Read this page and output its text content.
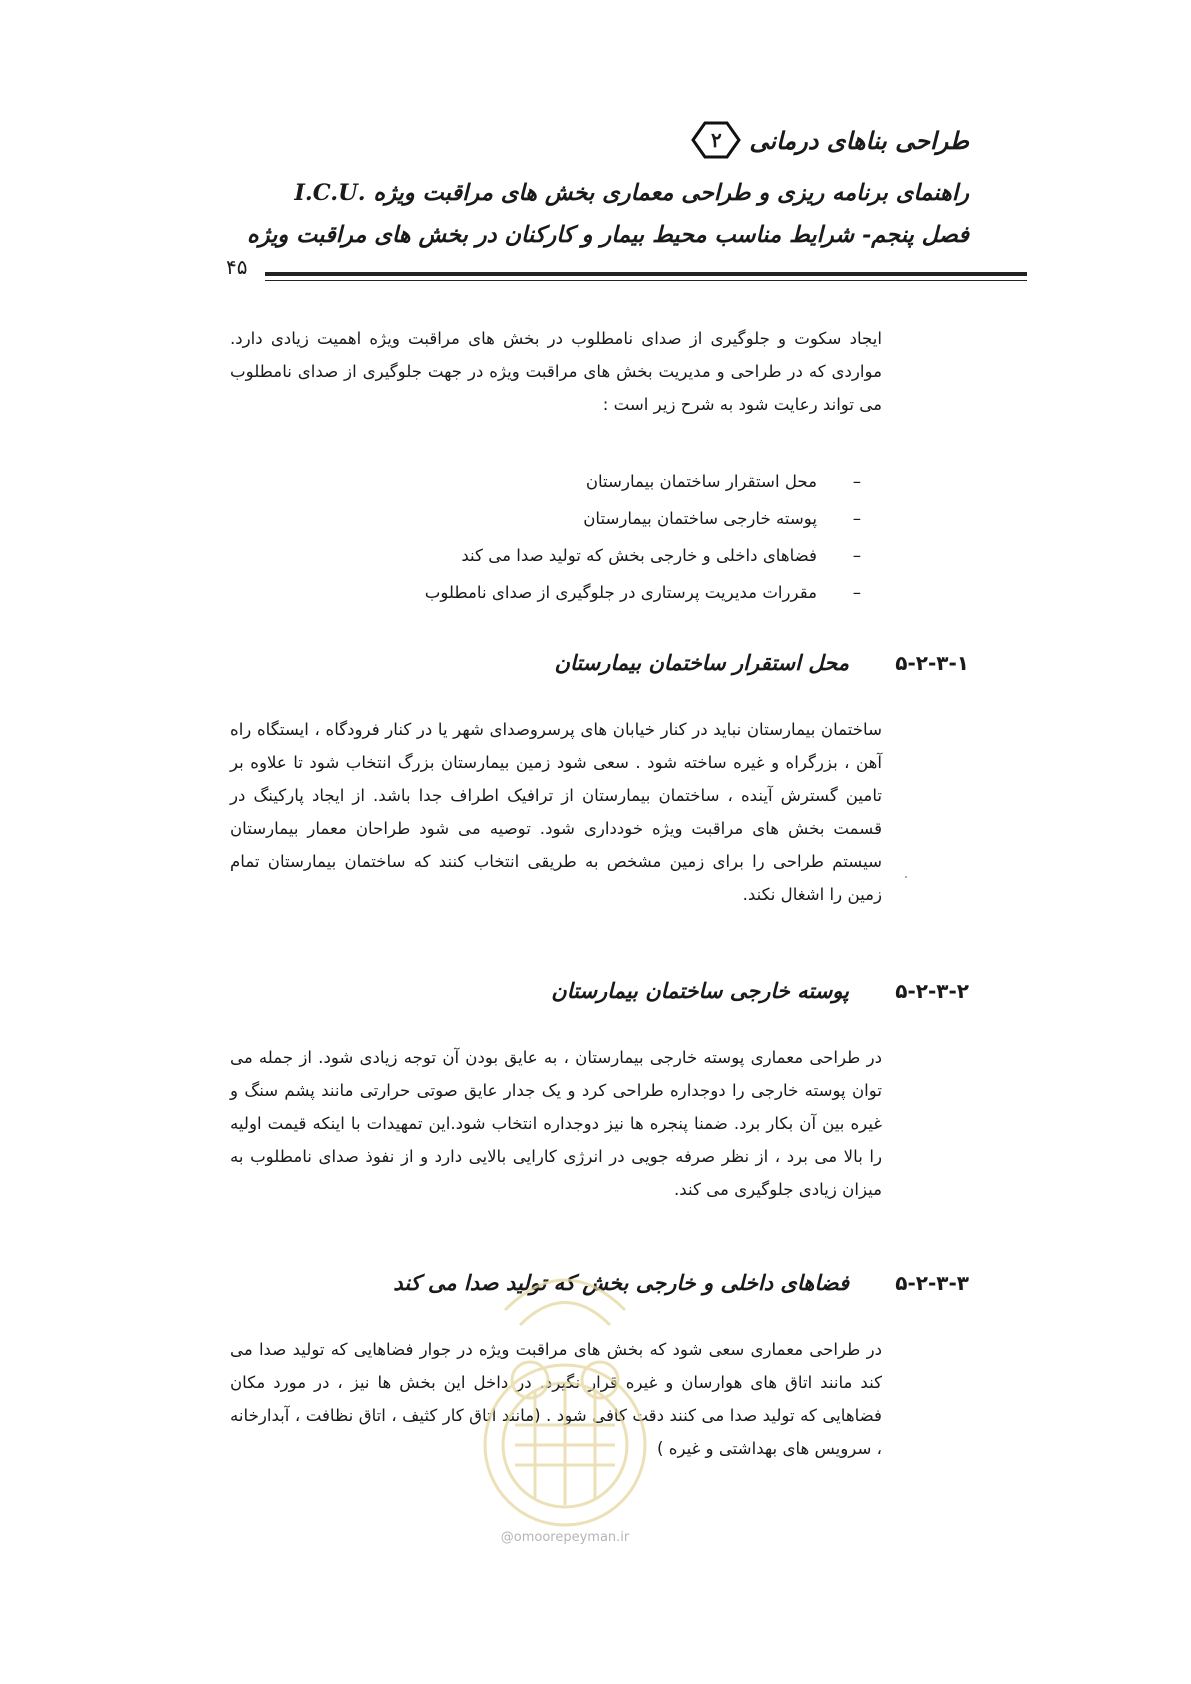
طراحی بناهای درمانی
۲
راهنمای برنامه ریزی و طراحی معماری بخش های مراقبت ویژه .I.C.U
فصل پنجم- شرایط مناسب محیط بیمار و کارکنان در بخش های مراقبت ویژه
۴۵

ایجاد سکوت و جلوگیری از صدای نامطلوب در بخش های مراقبت ویژه اهمیت زیادی دارد. مواردی که در طراحی و مدیریت بخش های مراقبت ویژه در جهت جلوگیری از صدای نامطلوب می تواند رعایت شود به شرح زیر است :

–محل استقرار ساختمان بیمارستان
–پوسته خارجی ساختمان بیمارستان
–فضاهای داخلی و خارجی بخش که تولید صدا می کند
–مقررات مدیریت پرستاری در جلوگیری از صدای نامطلوب
۵-۲-۳-۱
محل استقرار ساختمان بیمارستان

ساختمان بیمارستان نباید در کنار خیابان های پرسروصدای شهر یا در کنار فرودگاه ، ایستگاه راه آهن ، بزرگراه و غیره ساخته شود . سعی شود زمین بیمارستان بزرگ انتخاب شود تا علاوه بر تامین گسترش آینده ، ساختمان بیمارستان از ترافیک اطراف جدا باشد. از ایجاد پارکینگ در قسمت بخش های مراقبت ویژه خودداری شود. توصیه می شود طراحان معمار بیمارستان سیستم طراحی را برای زمین مشخص به طریقی انتخاب کنند که ساختمان بیمارستان تمام زمین را اشغال نکند.

۵-۲-۳-۲
پوسته خارجی ساختمان بیمارستان

در طراحی معماری پوسته خارجی بیمارستان ، به عایق بودن آن توجه زیادی شود. از جمله می توان پوسته خارجی را دوجداره طراحی کرد و یک جدار عایق صوتی حرارتی مانند پشم سنگ و غیره بین آن بکار برد. ضمنا پنجره ها نیز دوجداره انتخاب شود.این تمهیدات با اینکه قیمت اولیه را بالا می برد ، از نظر صرفه جویی در انرژی کارایی بالایی دارد و از نفوذ صدای نامطلوب به میزان زیادی جلوگیری می کند.

۵-۲-۳-۳
فضاهای داخلی و خارجی بخش که تولید صدا می کند

در طراحی معماری سعی شود که بخش های مراقبت ویژه در جوار فضاهایی که تولید صدا می کند مانند اتاق های هوارسان و غیره قرار نگیرد. در داخل این بخش ها نیز ، در مورد مکان فضاهایی که تولید صدا می کنند دقت کافی شود . (مانند اتاق کار کثیف ، اتاق نظافت ، آبدارخانه ، سرویس های بهداشتی و غیره )

@omoorepeyman.ir
